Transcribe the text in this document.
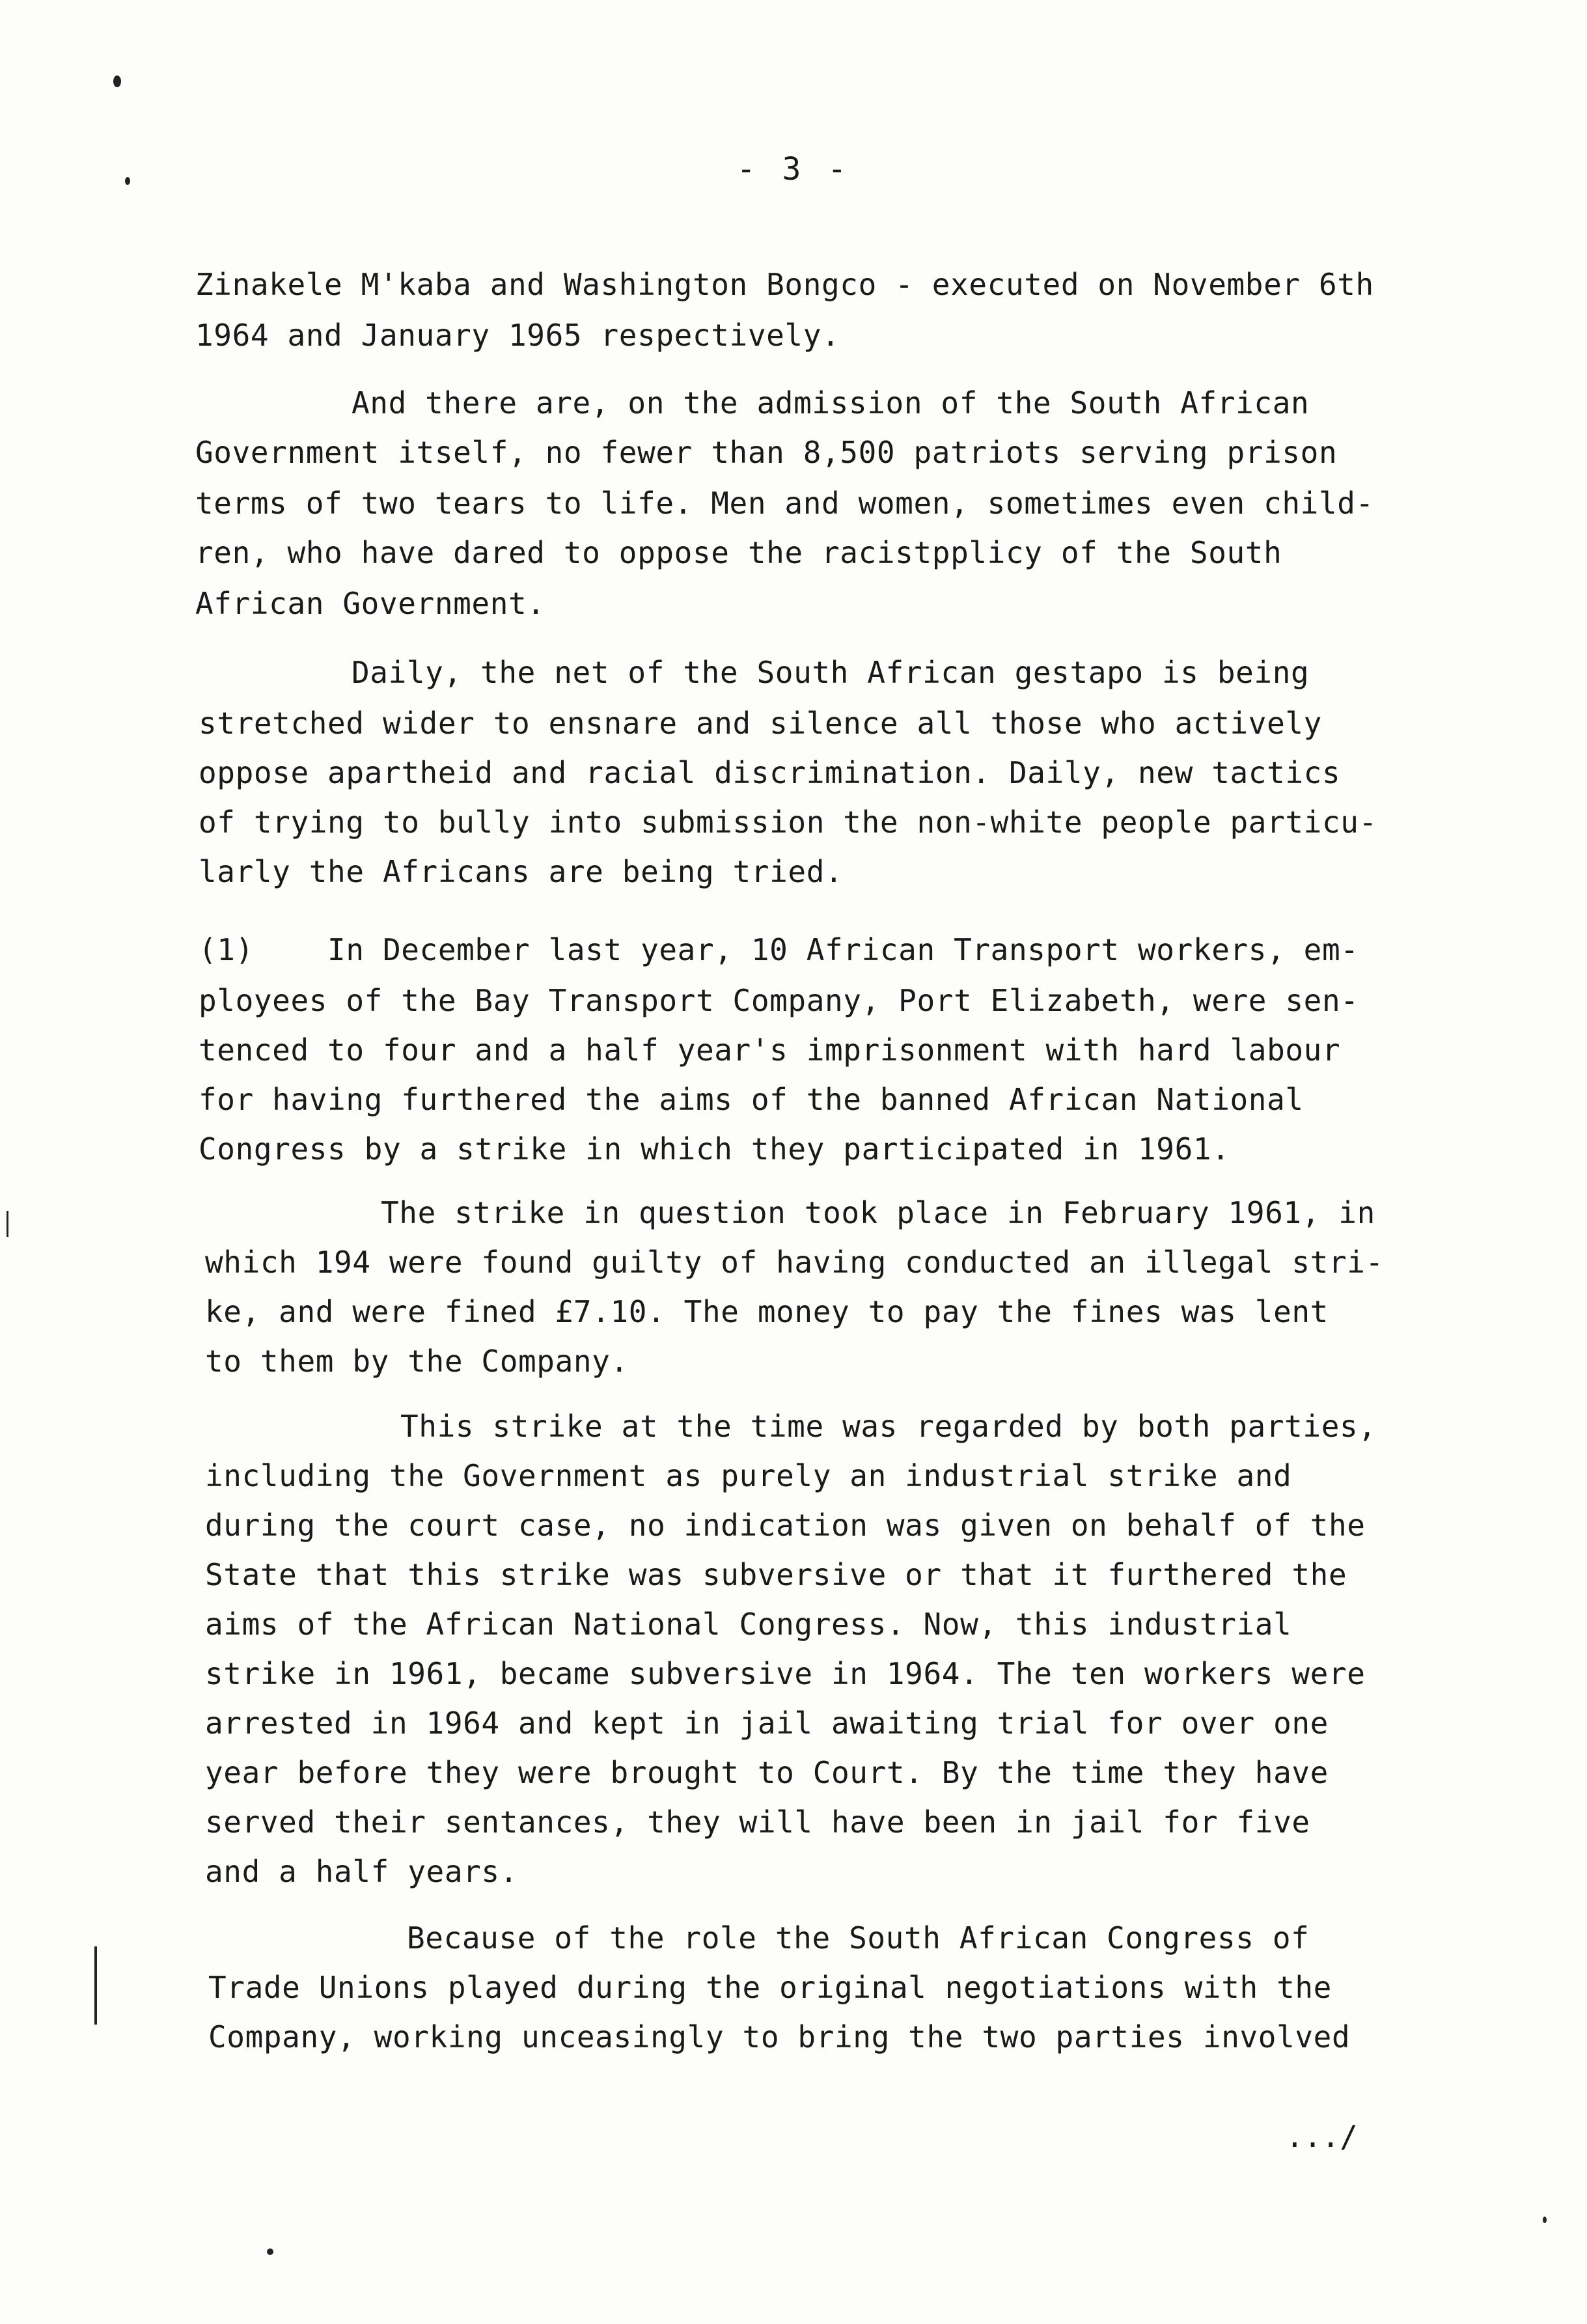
- 3 -
Zinakele M'kaba and Washington Bongco - executed on November 6th
1964 and January 1965 respectively.
And there are, on the admission of the South African
Government itself, no fewer than 8,500 patriots serving prison
terms of two tears to life. Men and women, sometimes even child-
ren, who have dared to oppose the racistpplicy of the South
African Government.
Daily, the net of the South African gestapo is being
stretched wider to ensnare and silence all those who actively
oppose apartheid and racial discrimination. Daily, new tactics
of trying to bully into submission the non-white people particu-
larly the Africans are being tried.
(1)    In December last year, 10 African Transport workers, em-
ployees of the Bay Transport Company, Port Elizabeth, were sen-
tenced to four and a half year's imprisonment with hard labour
for having furthered the aims of the banned African National
Congress by a strike in which they participated in 1961.
The strike in question took place in February 1961, in
which 194 were found guilty of having conducted an illegal stri-
ke, and were fined £7.10. The money to pay the fines was lent
to them by the Company.
This strike at the time was regarded by both parties,
including the Government as purely an industrial strike and
during the court case, no indication was given on behalf of the
State that this strike was subversive or that it furthered the
aims of the African National Congress. Now, this industrial
strike in 1961, became subversive in 1964. The ten workers were
arrested in 1964 and kept in jail awaiting trial for over one
year before they were brought to Court. By the time they have
served their sentances, they will have been in jail for five
and a half years.
Because of the role the South African Congress of
Trade Unions played during the original negotiations with the
Company, working unceasingly to bring the two parties involved
.../
